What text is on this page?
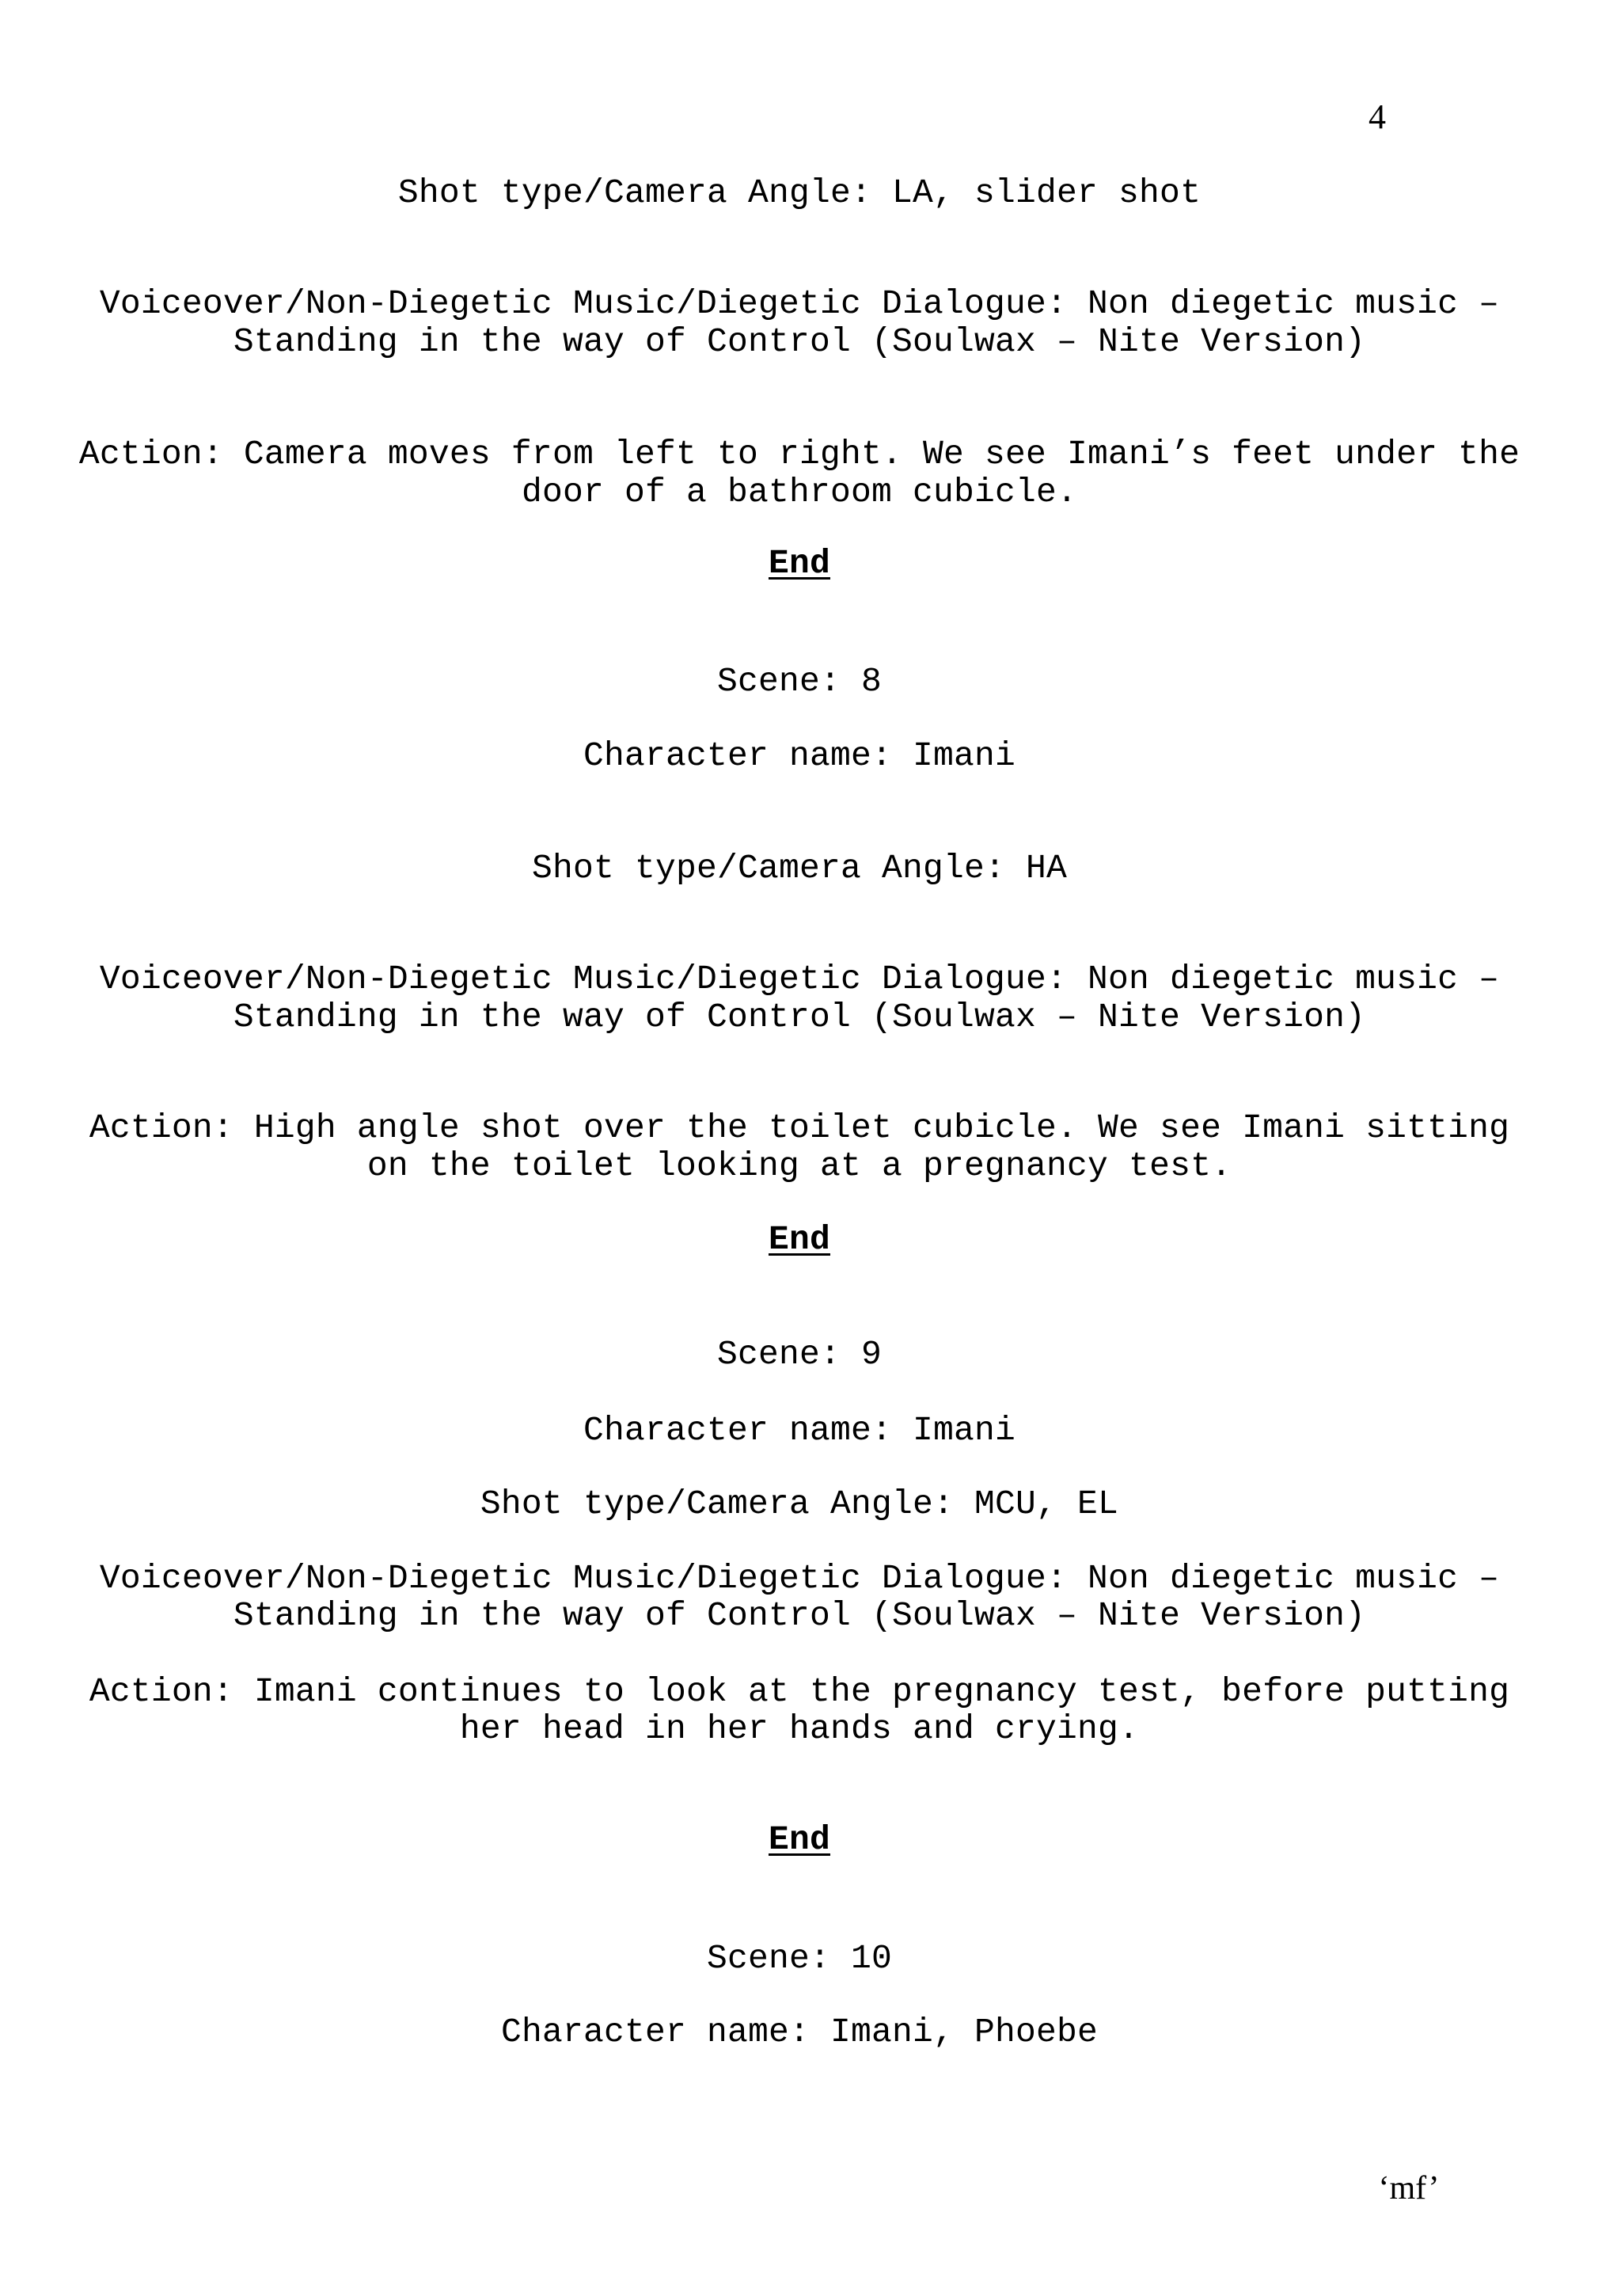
4
Shot type/Camera Angle: LA, slider shot
Voiceover/Non-Diegetic Music/Diegetic Dialogue: Non diegetic music –
Standing in the way of Control (Soulwax – Nite Version)
Action: Camera moves from left to right. We see Imani’s feet under the
door of a bathroom cubicle.
End
Scene: 8
Character name: Imani
Shot type/Camera Angle: HA
Voiceover/Non-Diegetic Music/Diegetic Dialogue: Non diegetic music –
Standing in the way of Control (Soulwax – Nite Version)
Action: High angle shot over the toilet cubicle. We see Imani sitting
on the toilet looking at a pregnancy test.
End
Scene: 9
Character name: Imani
Shot type/Camera Angle: MCU, EL
Voiceover/Non-Diegetic Music/Diegetic Dialogue: Non diegetic music –
Standing in the way of Control (Soulwax – Nite Version)
Action: Imani continues to look at the pregnancy test, before putting
her head in her hands and crying.
End
Scene: 10
Character name: Imani, Phoebe
‘mf’
